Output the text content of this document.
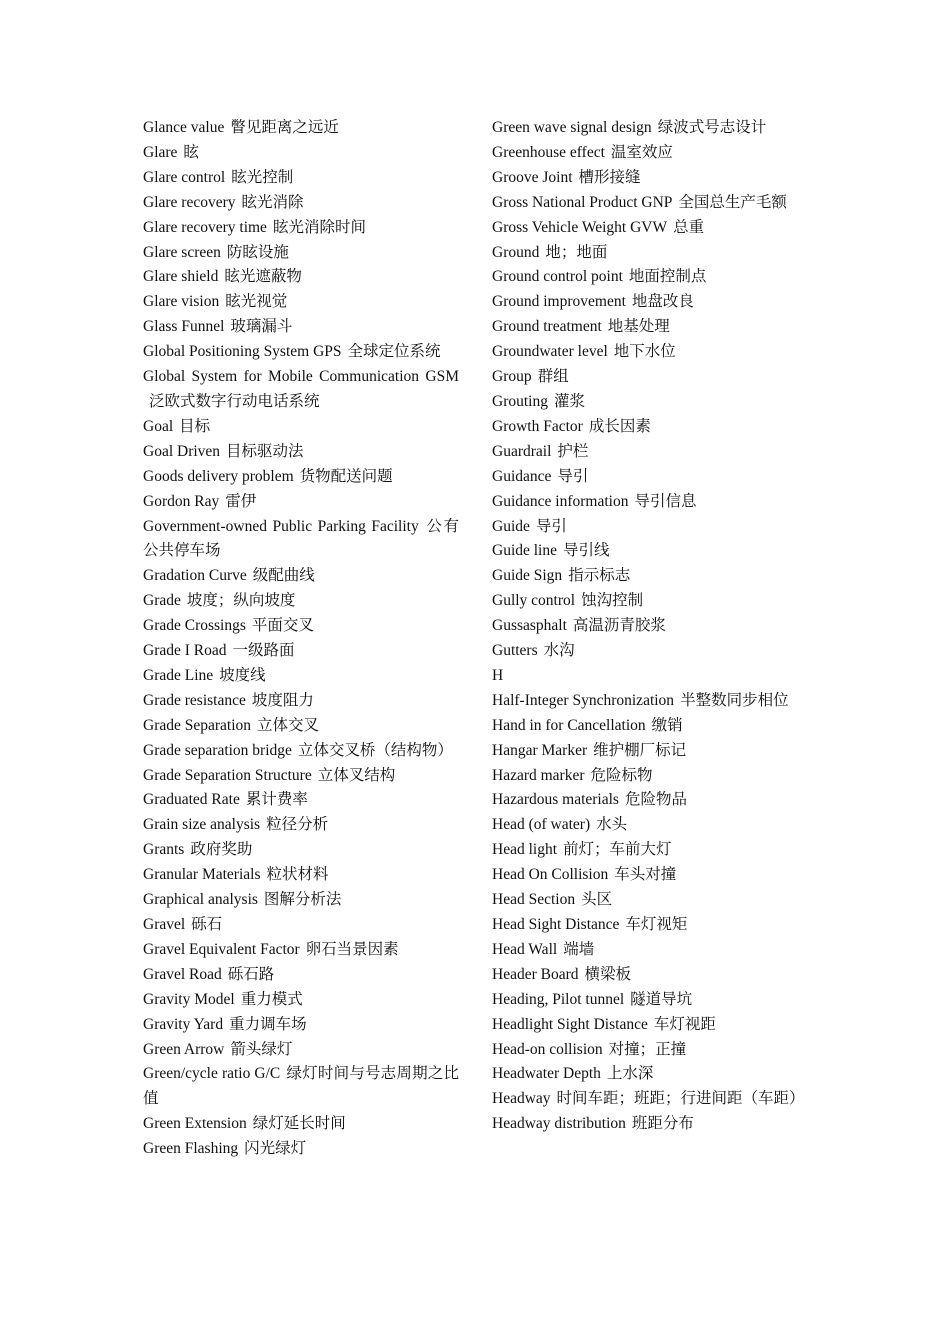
Glance value 瞥见距离之远近

Glare 眩

Glare control 眩光控制

Glare recovery 眩光消除

Glare recovery time 眩光消除时间

Glare screen 防眩设施

Glare shield 眩光遮蔽物

Glare vision 眩光视觉

Glass Funnel 玻璃漏斗

Global Positioning System GPS 全球定位系统

Global System for Mobile Communication GSM泛欧式数字行动电话系统

Goal 目标

Goal Driven 目标驱动法

Goods delivery problem 货物配送问题

Gordon Ray 雷伊

Government-owned Public Parking Facility 公有公共停车场

Gradation Curve 级配曲线

Grade 坡度；纵向坡度

Grade Crossings 平面交叉

Grade I Road 一级路面

Grade Line 坡度线

Grade resistance 坡度阻力

Grade Separation 立体交叉

Grade separation bridge 立体交叉桥（结构物）

Grade Separation Structure 立体叉结构

Graduated Rate 累计费率

Grain size analysis 粒径分析

Grants 政府奖助

Granular Materials 粒状材料

Graphical analysis 图解分析法

Gravel 砾石

Gravel Equivalent Factor 卵石当景因素

Gravel Road 砾石路

Gravity Model 重力模式

Gravity Yard 重力调车场

Green Arrow 箭头绿灯

Green/cycle ratio G/C 绿灯时间与号志周期之比值

Green Extension 绿灯延长时间

Green Flashing 闪光绿灯

Green wave signal design 绿波式号志设计

Greenhouse effect 温室效应

Groove Joint 槽形接缝

Gross National Product GNP 全国总生产毛额

Gross Vehicle Weight GVW 总重

Ground 地；地面

Ground control point 地面控制点

Ground improvement 地盘改良

Ground treatment 地基处理

Groundwater level 地下水位

Group 群组

Grouting 灌浆

Growth Factor 成长因素

Guardrail 护栏

Guidance 导引

Guidance information 导引信息

Guide 导引

Guide line 导引线

Guide Sign 指示标志

Gully control 蚀沟控制

Gussasphalt 高温沥青胶浆

Gutters 水沟

H

Half-Integer Synchronization 半整数同步相位

Hand in for Cancellation 缴销

Hangar Marker 维护棚厂标记

Hazard marker 危险标物

Hazardous materials 危险物品

Head (of water) 水头

Head light 前灯；车前大灯

Head On Collision 车头对撞

Head Section 头区

Head Sight Distance 车灯视矩

Head Wall 端墙

Header Board 横梁板

Heading, Pilot tunnel 隧道导坑

Headlight Sight Distance 车灯视距

Head-on collision 对撞；正撞

Headwater Depth 上水深

Headway 时间车距；班距；行进间距（车距）

Headway distribution 班距分布
